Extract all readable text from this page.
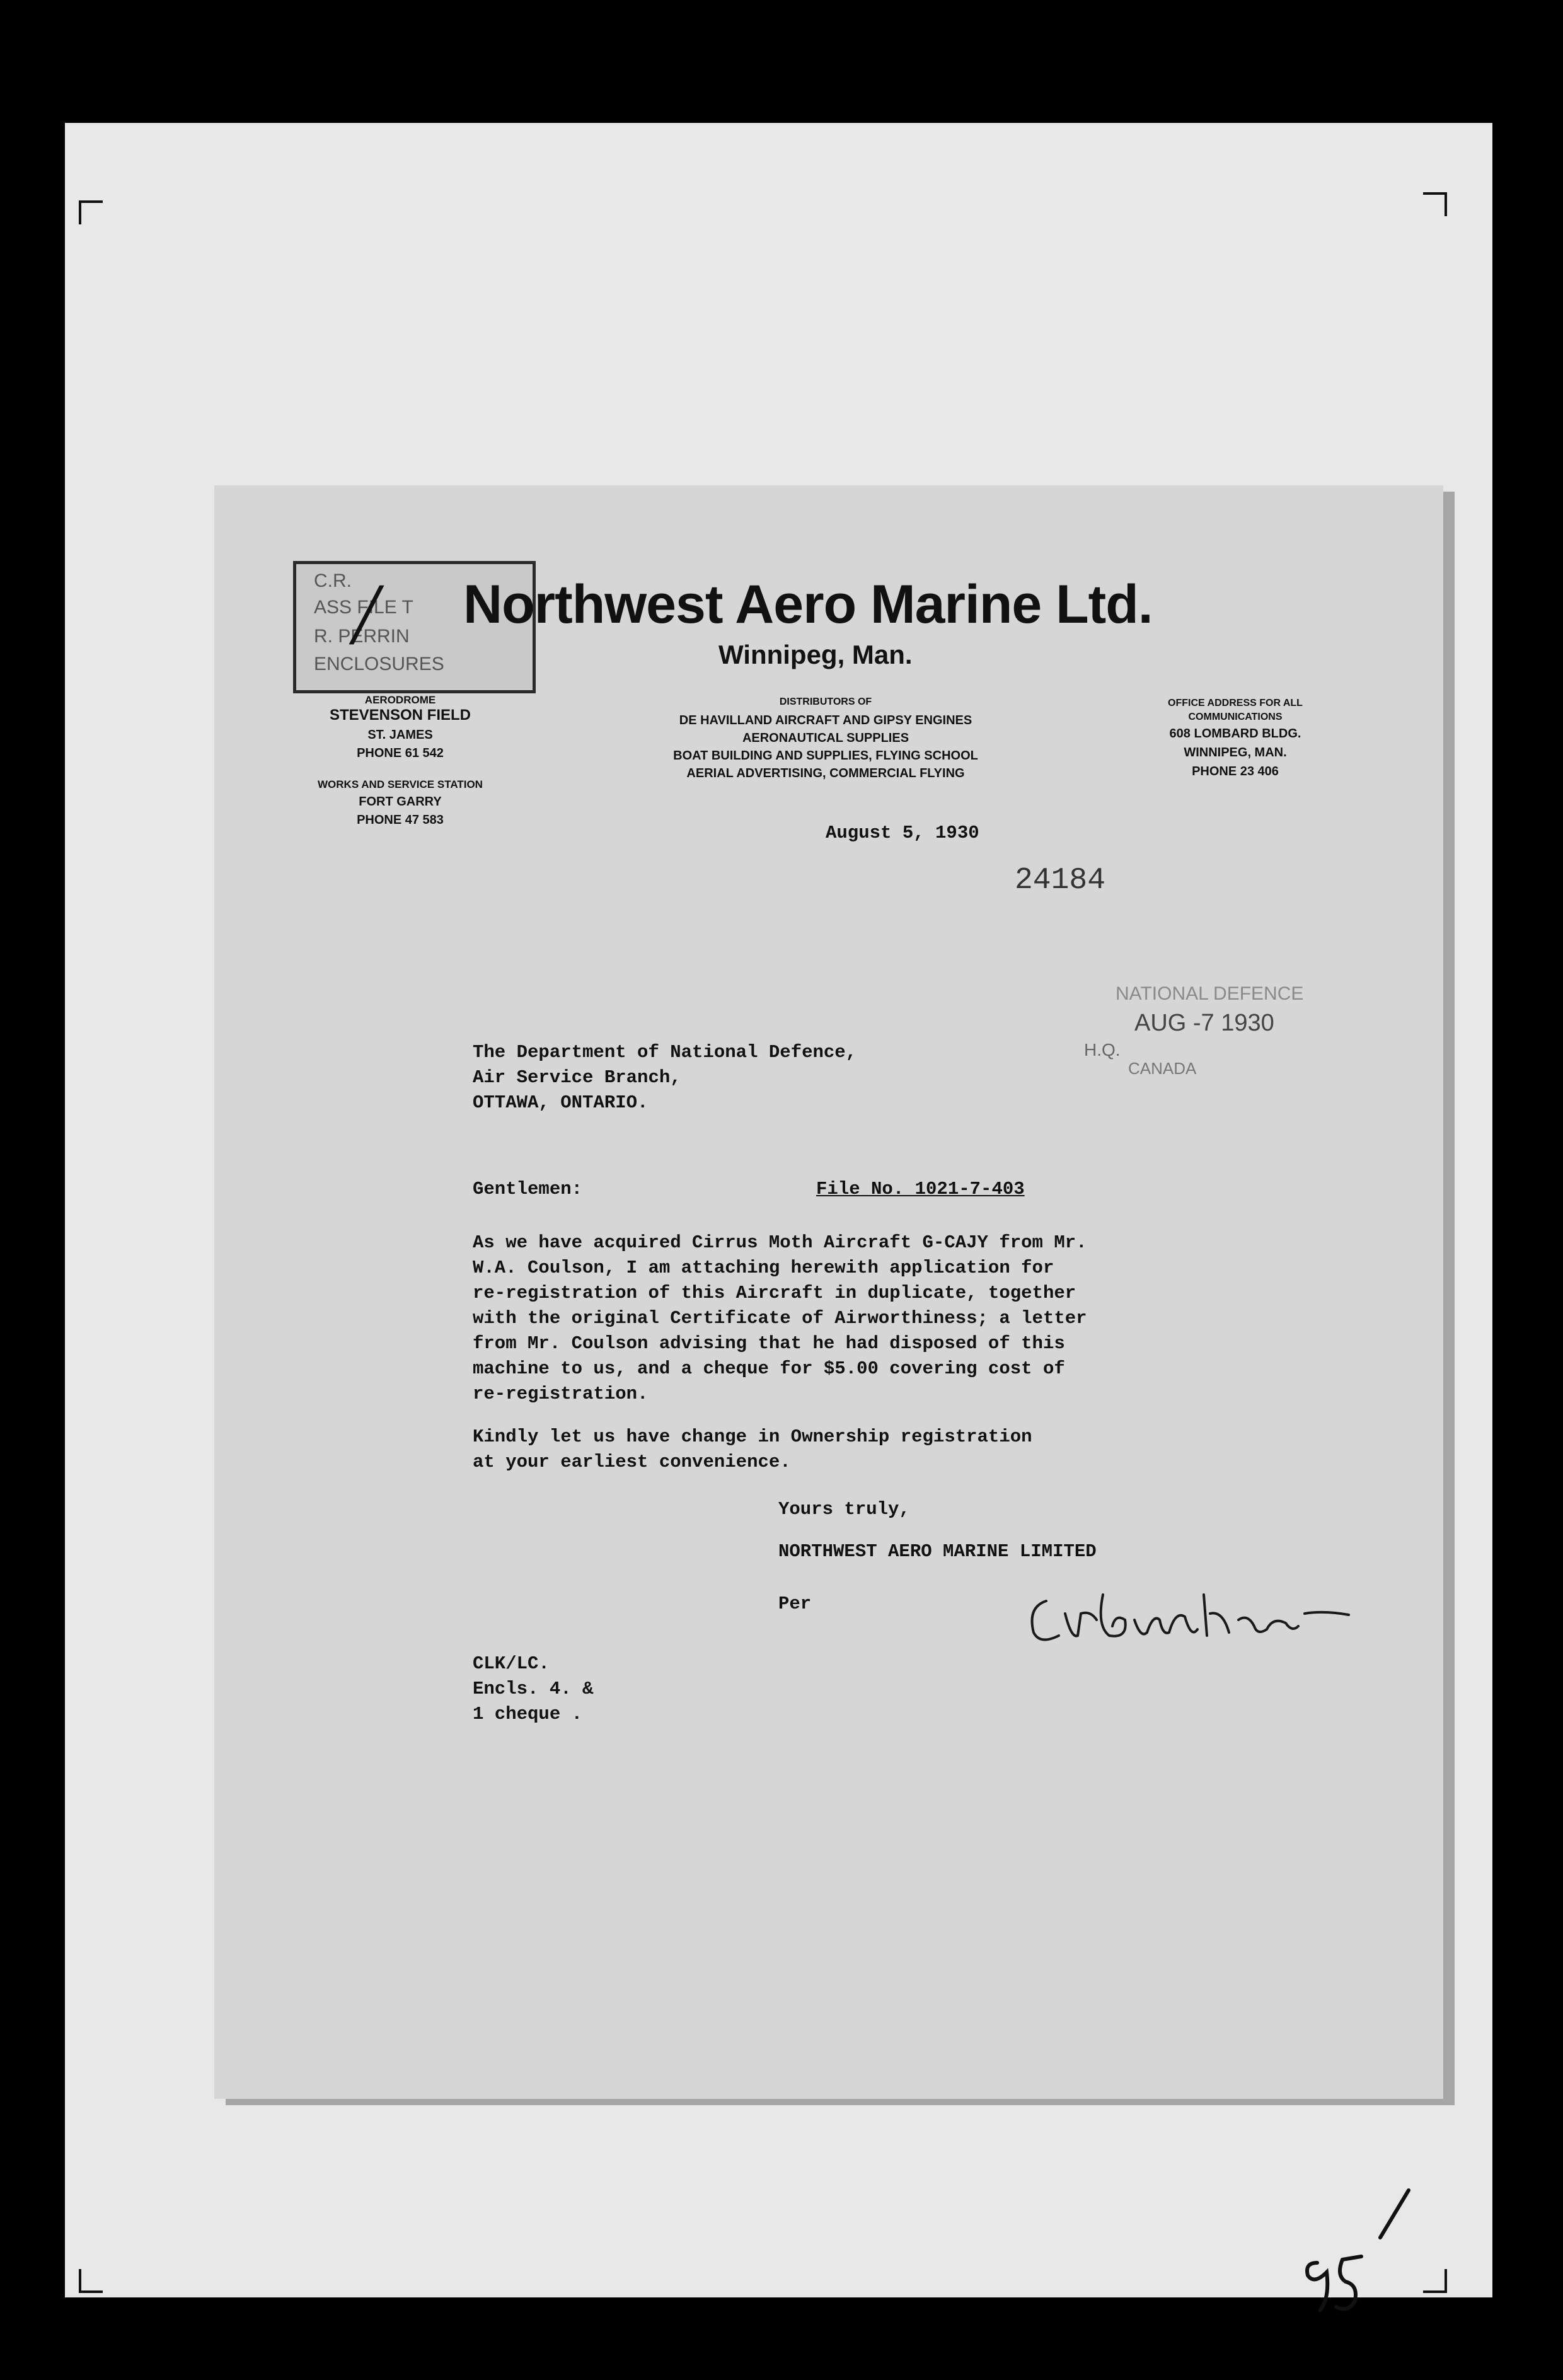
C.R.
ASS FILE T
R. PERRIN
ENCLOSURES
/ Northwest Aero Marine Ltd.
Winnipeg, Man.
AERODROME
STEVENSON FIELD
ST. JAMES
PHONE 61 542
WORKS AND SERVICE STATION
FORT GARRY
PHONE 47 583
DISTRIBUTORS OF
DE HAVILLAND AIRCRAFT AND GIPSY ENGINES
AERONAUTICAL SUPPLIES
BOAT BUILDING AND SUPPLIES, FLYING SCHOOL
AERIAL ADVERTISING, COMMERCIAL FLYING
OFFICE ADDRESS FOR ALL
COMMUNICATIONS
608 LOMBARD BLDG.
WINNIPEG, MAN.
PHONE 23 406
August 5, 1930
24184
NATIONAL DEFENCE
AUG -7 1930
H.Q.
CANADA
The Department of National Defence,
Air Service Branch,
OTTAWA, ONTARIO.
Gentlemen:	File No. 1021-7-403
As we have acquired Cirrus Moth Aircraft G-CAJY from Mr.
W.A. Coulson, I am attaching herewith application for
re-registration of this Aircraft in duplicate, together
with the original Certificate of Airworthiness; a letter
from Mr. Coulson advising that he had disposed of this
machine to us, and a cheque for $5.00 covering cost of
re-registration.
Kindly let us have change in Ownership registration
at your earliest convenience.
Yours truly,
NORTHWEST AERO MARINE LIMITED
Per
CLK/LC.
Encls. 4. &
1 cheque .
